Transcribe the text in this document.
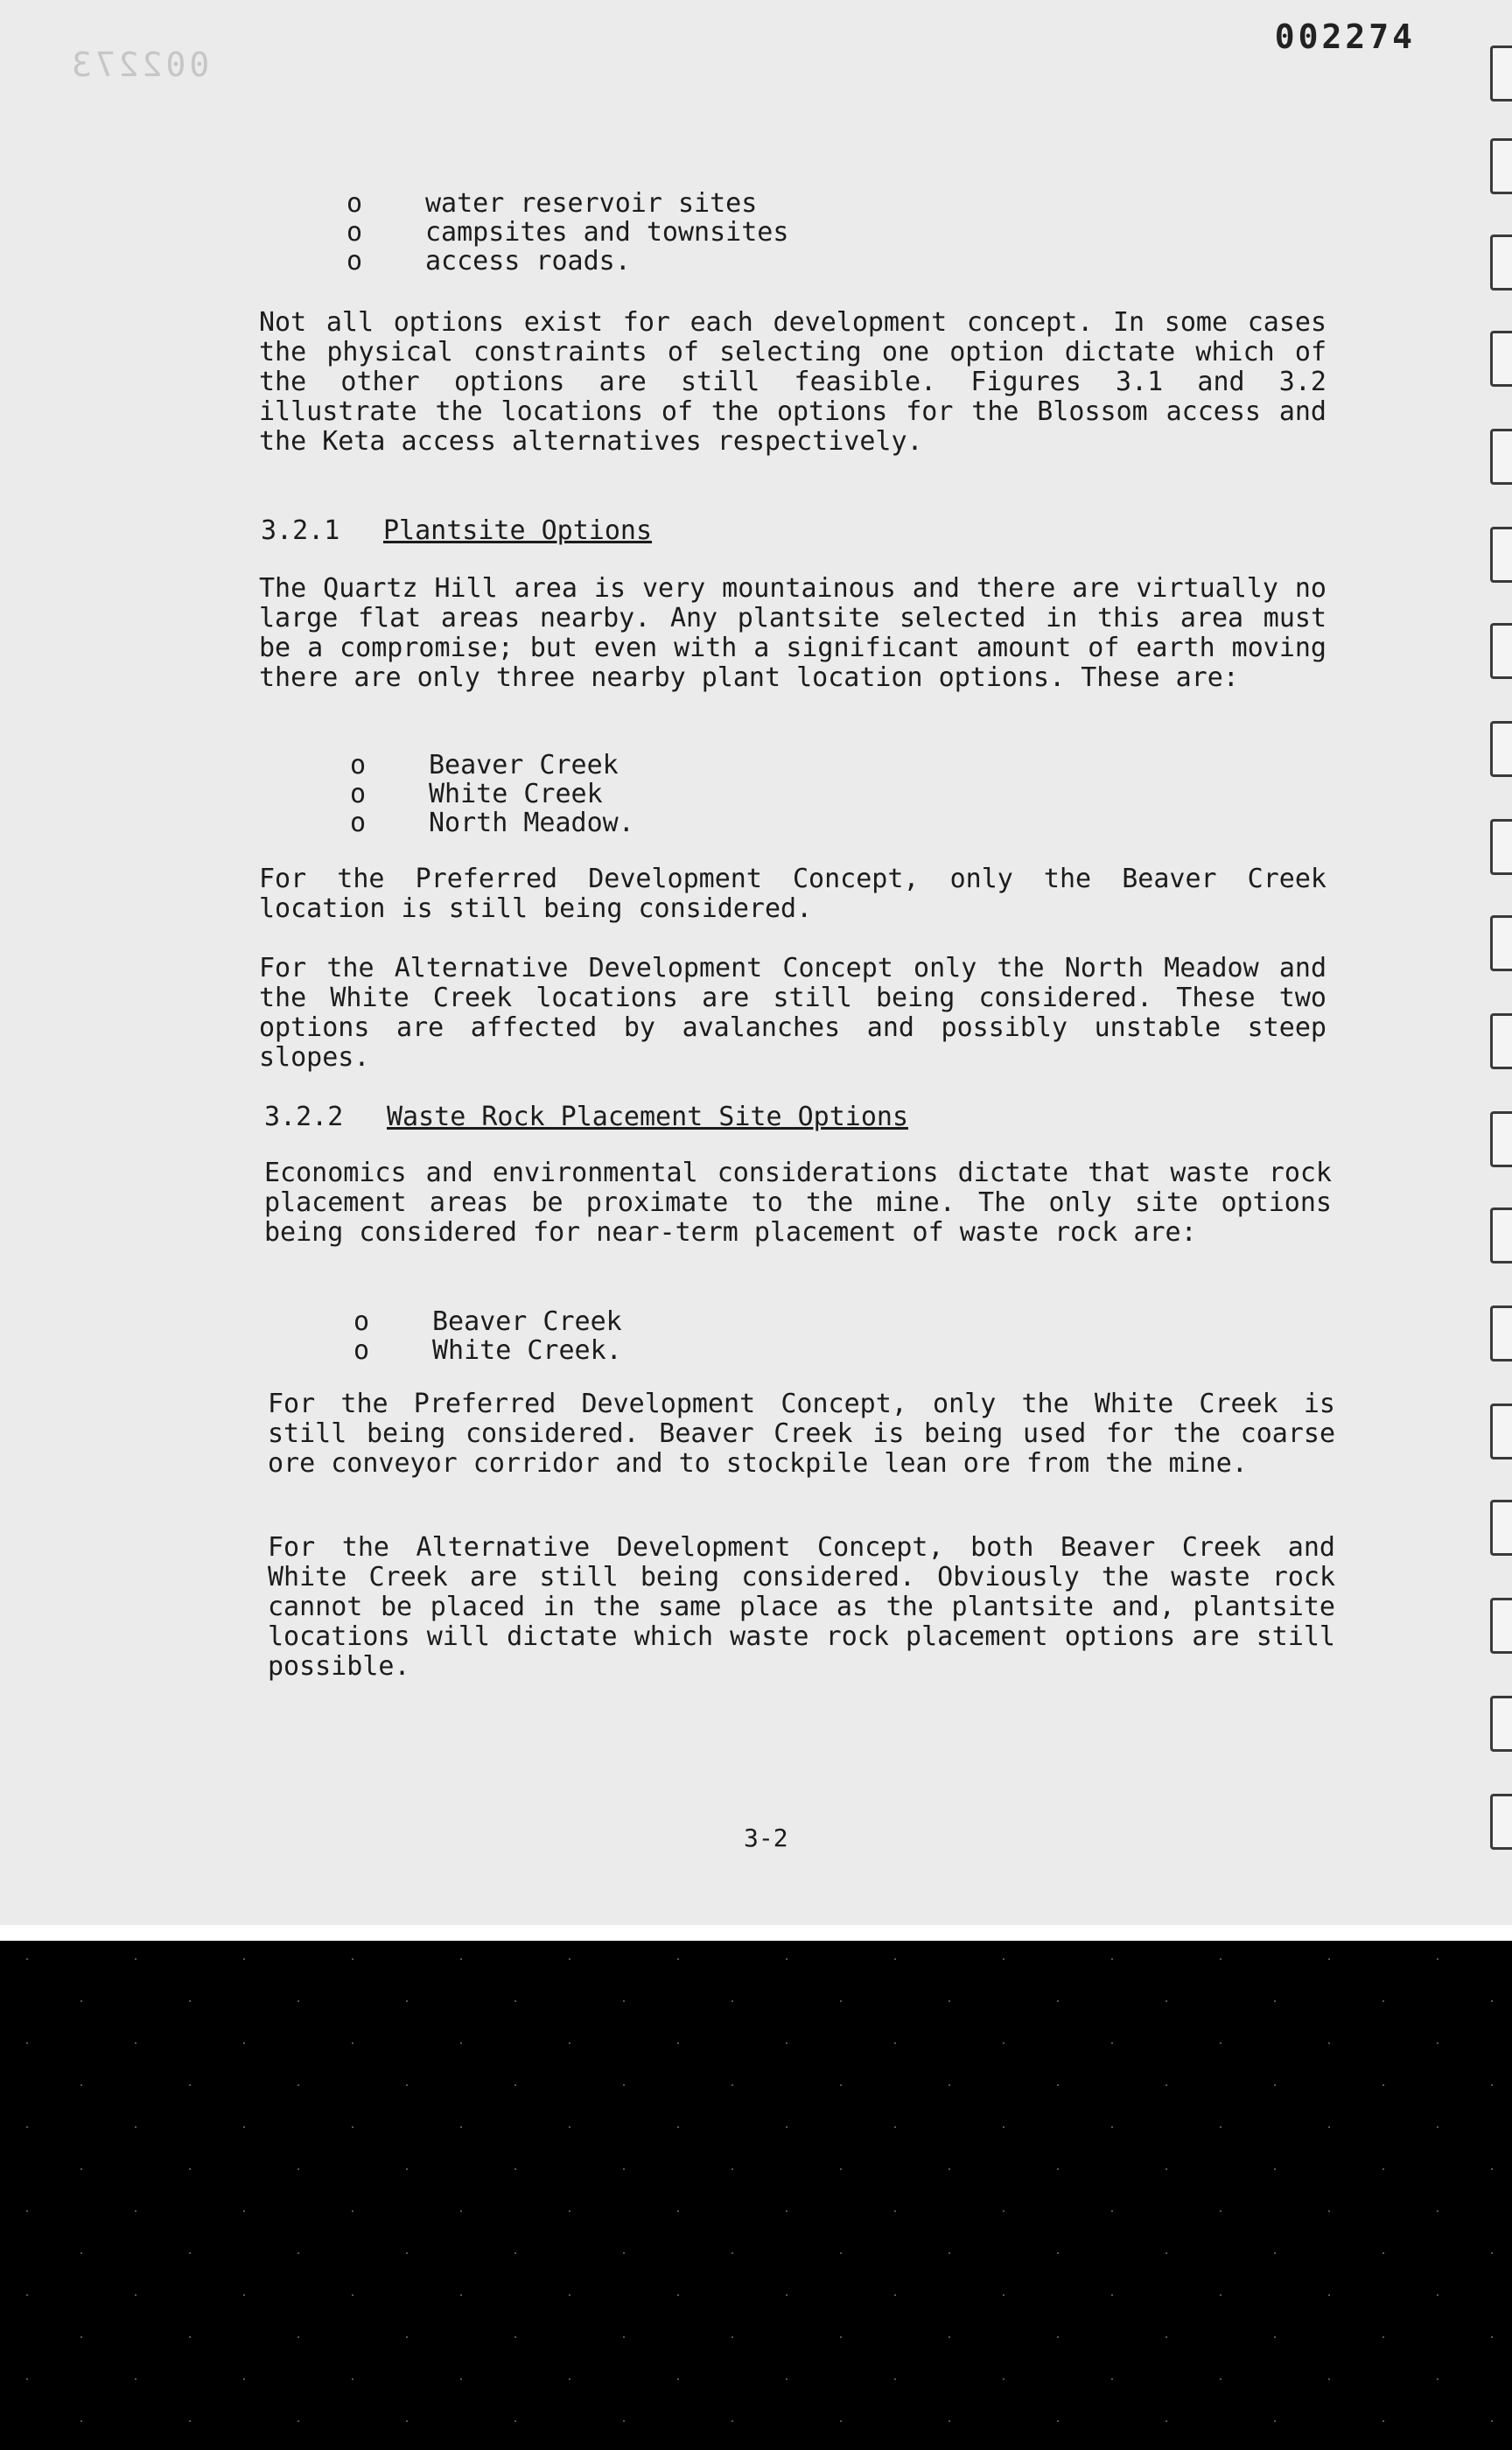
002273
002274
o	water reservoir sites
o	campsites and townsites
o	access roads.

Not all options exist for each development concept. In some cases the physical constraints of selecting one option dictate which of the other options are still feasible. Figures 3.1 and 3.2 illustrate the locations of the options for the Blossom access and the Keta access alternatives respectively.

3.2.1 Plantsite Options

The Quartz Hill area is very mountainous and there are virtually no large flat areas nearby. Any plantsite selected in this area must be a compromise; but even with a significant amount of earth moving there are only three nearby plant location options. These are:

o	Beaver Creek
o	White Creek
o	North Meadow.

For the Preferred Development Concept, only the Beaver Creek location is still being considered.

For the Alternative Development Concept only the North Meadow and the White Creek locations are still being considered. These two options are affected by avalanches and possibly unstable steep slopes.

3.2.2 Waste Rock Placement Site Options

Economics and environmental considerations dictate that waste rock placement areas be proximate to the mine. The only site options being considered for near-term placement of waste rock are:

o	Beaver Creek
o	White Creek.

For the Preferred Development Concept, only the White Creek is still being considered. Beaver Creek is being used for the coarse ore conveyor corridor and to stockpile lean ore from the mine.

For the Alternative Development Concept, both Beaver Creek and White Creek are still being considered. Obviously the waste rock cannot be placed in the same place as the plantsite and, plantsite locations will dictate which waste rock placement options are still possible.

3-2
